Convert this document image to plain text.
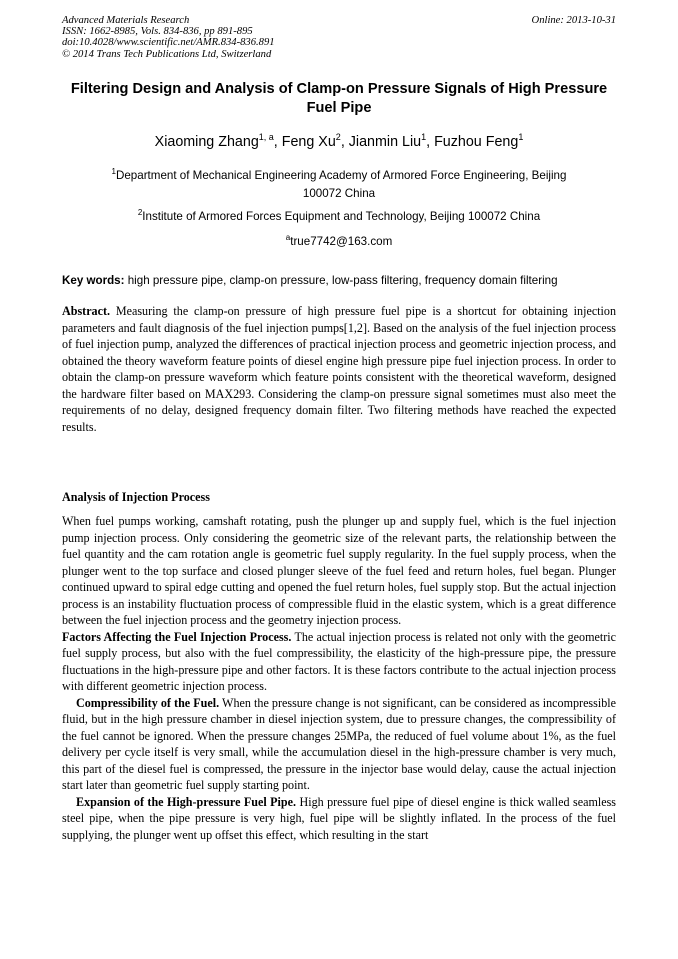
Advanced Materials Research
ISSN: 1662-8985, Vols. 834-836, pp 891-895
doi:10.4028/www.scientific.net/AMR.834-836.891
© 2014 Trans Tech Publications Ltd, Switzerland
Online: 2013-10-31
Filtering Design and Analysis of Clamp-on Pressure Signals of High Pressure Fuel Pipe
Xiaoming Zhang$^{1, a}$, Feng Xu$^2$, Jianmin Liu$^1$, Fuzhou Feng$^1$
$^1$Department of Mechanical Engineering Academy of Armored Force Engineering, Beijing
100072 China
$^2$Institute of Armored Forces Equipment and Technology, Beijing 100072 China
$^a$true7742@163.com
Key words: high pressure pipe, clamp-on pressure, low-pass filtering, frequency domain filtering

Abstract. Measuring the clamp-on pressure of high pressure fuel pipe is a shortcut for obtaining injection parameters and fault diagnosis of the fuel injection pumps[1,2]. Based on the analysis of the fuel injection process of fuel injection pump, analyzed the differences of practical injection process and geometric injection process, and obtained the theory waveform feature points of diesel engine high pressure pipe fuel injection process. In order to obtain the clamp-on pressure waveform which feature points consistent with the theoretical waveform, designed the hardware filter based on MAX293. Considering the clamp-on pressure signal sometimes must also meet the requirements of no delay, designed frequency domain filter. Two filtering methods have reached the expected results.

Analysis of Injection Process

When fuel pumps working, camshaft rotating, push the plunger up and supply fuel, which is the fuel injection pump injection process. Only considering the geometric size of the relevant parts, the relationship between the fuel quantity and the cam rotation angle is geometric fuel supply regularity. In the fuel supply process, when the plunger went to the top surface and closed plunger sleeve of the fuel feed and return holes, fuel began. Plunger continued upward to spiral edge cutting and opened the fuel return holes, fuel supply stop. But the actual injection process is an instability fluctuation process of compressible fluid in the elastic system, which is a great difference between the fuel injection process and the geometry injection process.

Factors Affecting the Fuel Injection Process. The actual injection process is related not only with the geometric fuel supply process, but also with the fuel compressibility, the elasticity of the high-pressure pipe, the pressure fluctuations in the high-pressure pipe and other factors. It is these factors contribute to the actual injection process with different geometric injection process.

Compressibility of the Fuel. When the pressure change is not significant, can be considered as incompressible fluid, but in the high pressure chamber in diesel injection system, due to pressure changes, the compressibility of the fuel cannot be ignored. When the pressure changes 25MPa, the reduced of fuel volume about 1%, as the fuel delivery per cycle itself is very small, while the accumulation diesel in the high-pressure chamber is very much, this part of the diesel fuel is compressed, the pressure in the injector base would delay, cause the actual injection start later than geometric fuel supply starting point.

Expansion of the High-pressure Fuel Pipe. High pressure fuel pipe of diesel engine is thick walled seamless steel pipe, when the pipe pressure is very high, fuel pipe will be slightly inflated. In the process of the fuel supplying, the plunger went up offset this effect, which resulting in the start
